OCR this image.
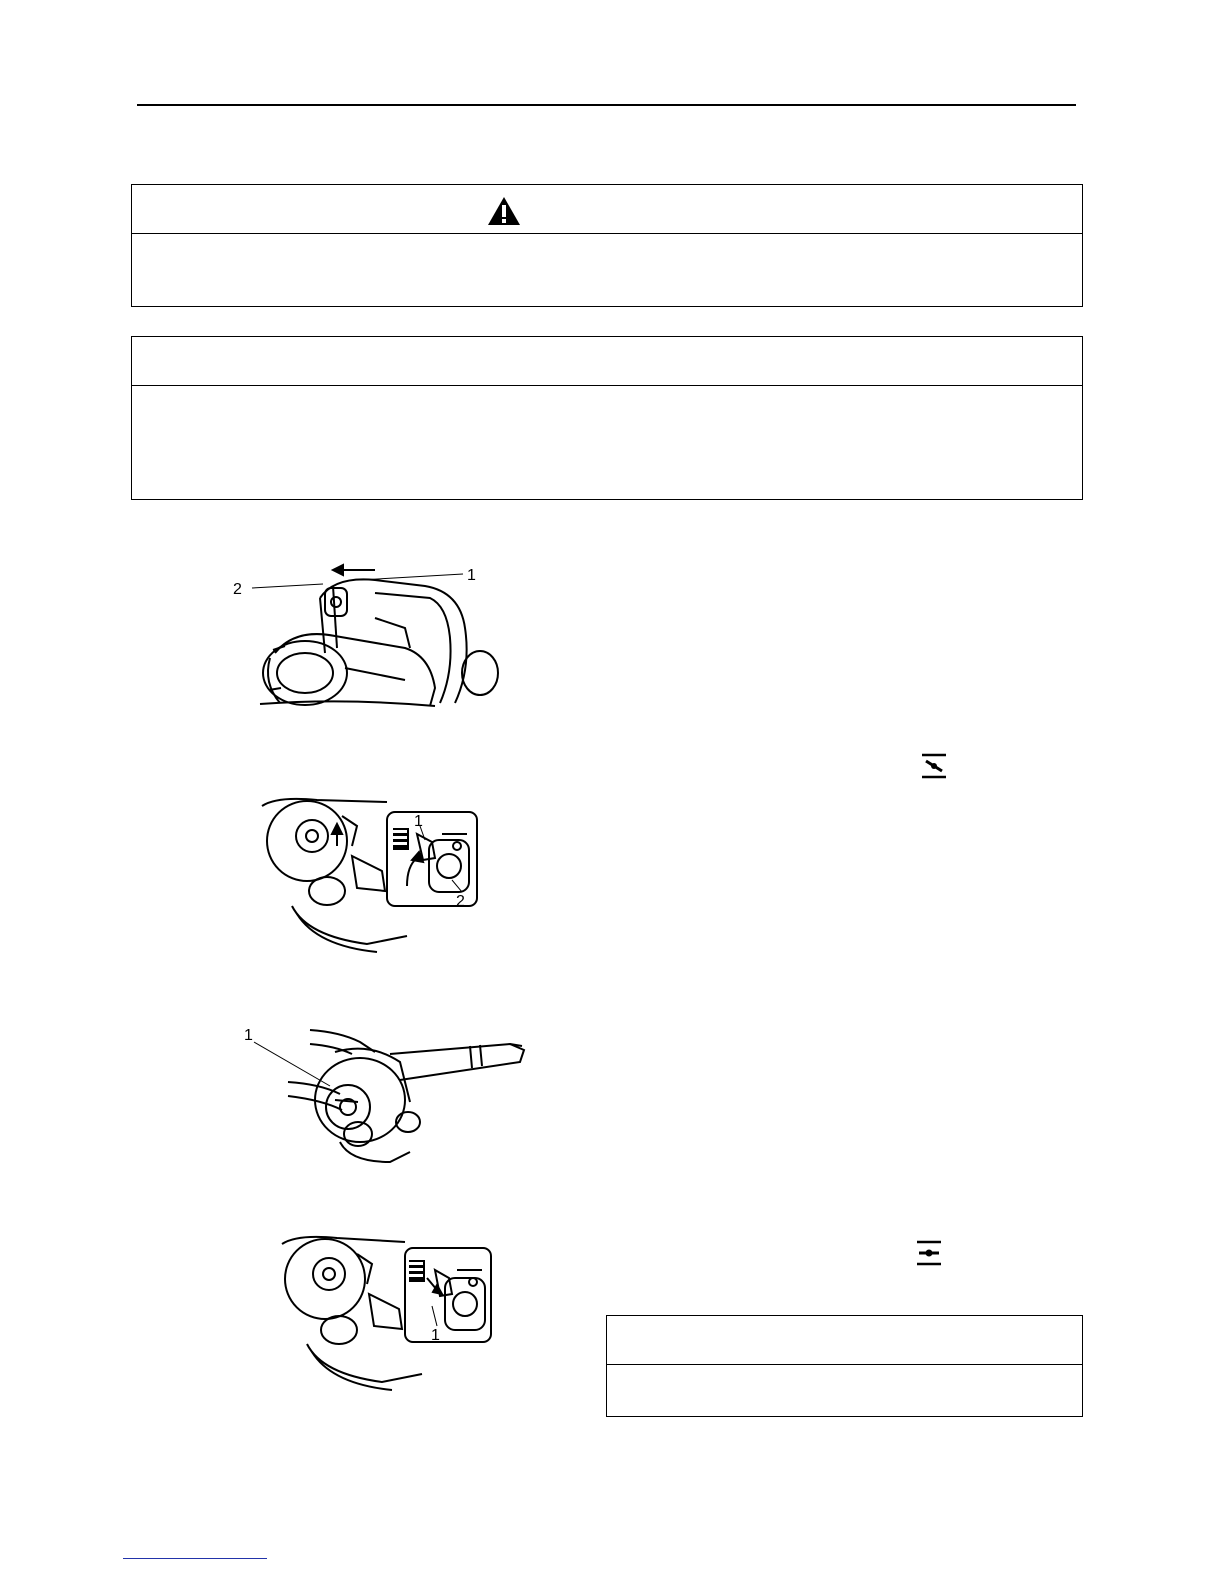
2
1
1
2
1
1
